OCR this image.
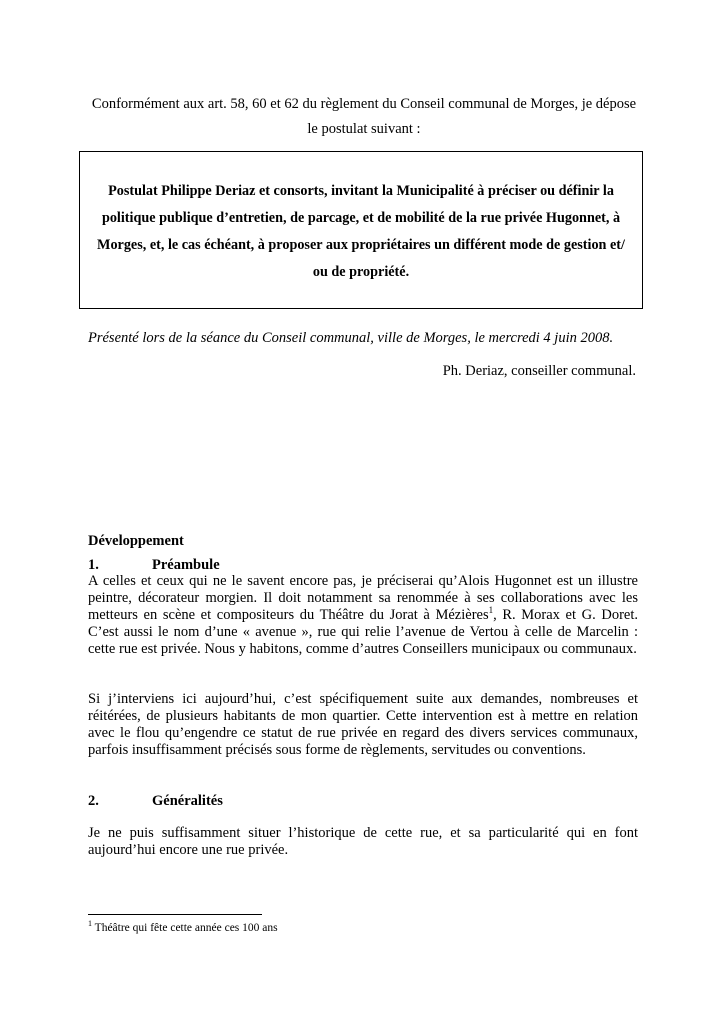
Conformément aux art. 58, 60 et 62 du règlement du Conseil communal de Morges, je dépose
le postulat suivant :
Postulat Philippe Deriaz et consorts, invitant la Municipalité à préciser ou définir la politique publique d’entretien, de parcage, et de mobilité de la rue privée Hugonnet, à Morges, et, le cas échéant, à proposer aux propriétaires un différent mode de gestion et/ ou de propriété.
Présenté lors de la séance du Conseil communal, ville de Morges, le mercredi 4 juin 2008.
Ph. Deriaz, conseiller communal.
Développement
1.	Préambule
A celles et ceux qui ne le savent encore pas, je préciserai qu’Alois Hugonnet est un illustre peintre, décorateur morgien. Il doit notamment sa renommée à ses collaborations avec les metteurs en scène et compositeurs du Théâtre du Jorat à Mézières$^1$, R. Morax et G. Doret. C’est aussi le nom d’une « avenue », rue qui relie l’avenue de Vertou à celle de Marcelin : cette rue est privée. Nous y habitons, comme d’autres Conseillers municipaux ou communaux.
Si j’interviens ici aujourd’hui, c’est spécifiquement suite aux demandes, nombreuses et réitérées, de plusieurs habitants de mon quartier. Cette intervention est à mettre en relation avec le flou qu’engendre ce statut de rue privée en regard des divers services communaux, parfois insuffisamment précisés sous forme de règlements, servitudes ou conventions.
2.	Généralités
Je ne puis suffisamment situer l’historique de cette rue, et sa particularité qui en font aujourd’hui encore une rue privée.
$^1$ Théâtre qui fête cette année ces 100 ans
